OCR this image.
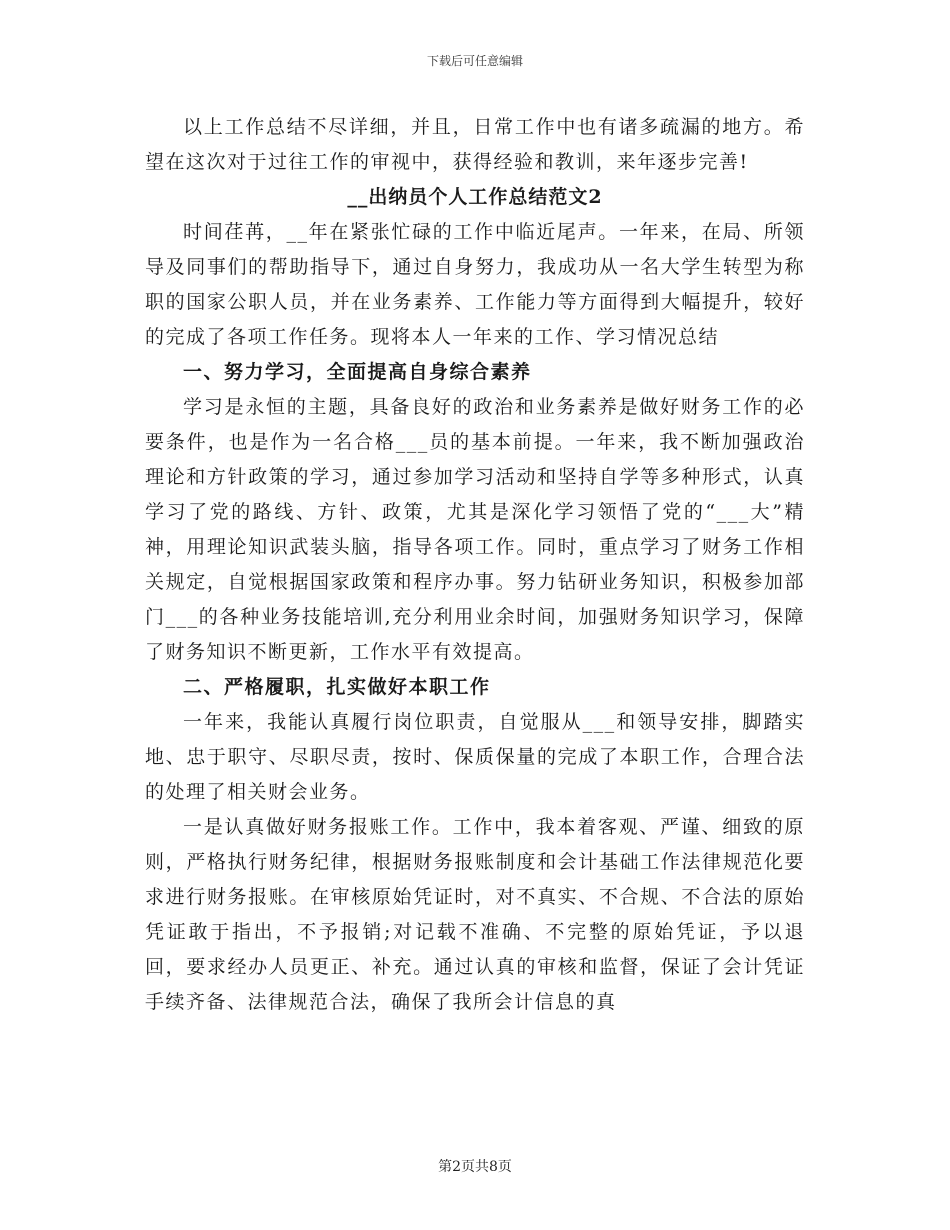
下载后可任意编辑

以上工作总结不尽详细，并且，日常工作中也有诸多疏漏的地方。希望在这次对于过往工作的审视中，获得经验和教训，来年逐步完善!

__出纳员个人工作总结范文2

时间荏苒，__年在紧张忙碌的工作中临近尾声。一年来，在局、所领导及同事们的帮助指导下，通过自身努力，我成功从一名大学生转型为称职的国家公职人员，并在业务素养、工作能力等方面得到大幅提升，较好的完成了各项工作任务。现将本人一年来的工作、学习情况总结

一、努力学习，全面提高自身综合素养

学习是永恒的主题，具备良好的政治和业务素养是做好财务工作的必要条件，也是作为一名合格___员的基本前提。一年来，我不断加强政治理论和方针政策的学习，通过参加学习活动和坚持自学等多种形式，认真学习了党的路线、方针、政策，尤其是深化学习领悟了党的“___大”精神，用理论知识武装头脑，指导各项工作。同时，重点学习了财务工作相关规定，自觉根据国家政策和程序办事。努力钻研业务知识，积极参加部门___的各种业务技能培训,充分利用业余时间，加强财务知识学习，保障了财务知识不断更新，工作水平有效提高。

二、严格履职，扎实做好本职工作

一年来，我能认真履行岗位职责，自觉服从___和领导安排，脚踏实地、忠于职守、尽职尽责，按时、保质保量的完成了本职工作，合理合法的处理了相关财会业务。

一是认真做好财务报账工作。工作中，我本着客观、严谨、细致的原则，严格执行财务纪律，根据财务报账制度和会计基础工作法律规范化要求进行财务报账。在审核原始凭证时，对不真实、不合规、不合法的原始凭证敢于指出，不予报销;对记载不准确、不完整的原始凭证，予以退回，要求经办人员更正、补充。通过认真的审核和监督，保证了会计凭证手续齐备、法律规范合法，确保了我所会计信息的真

第2页共8页
